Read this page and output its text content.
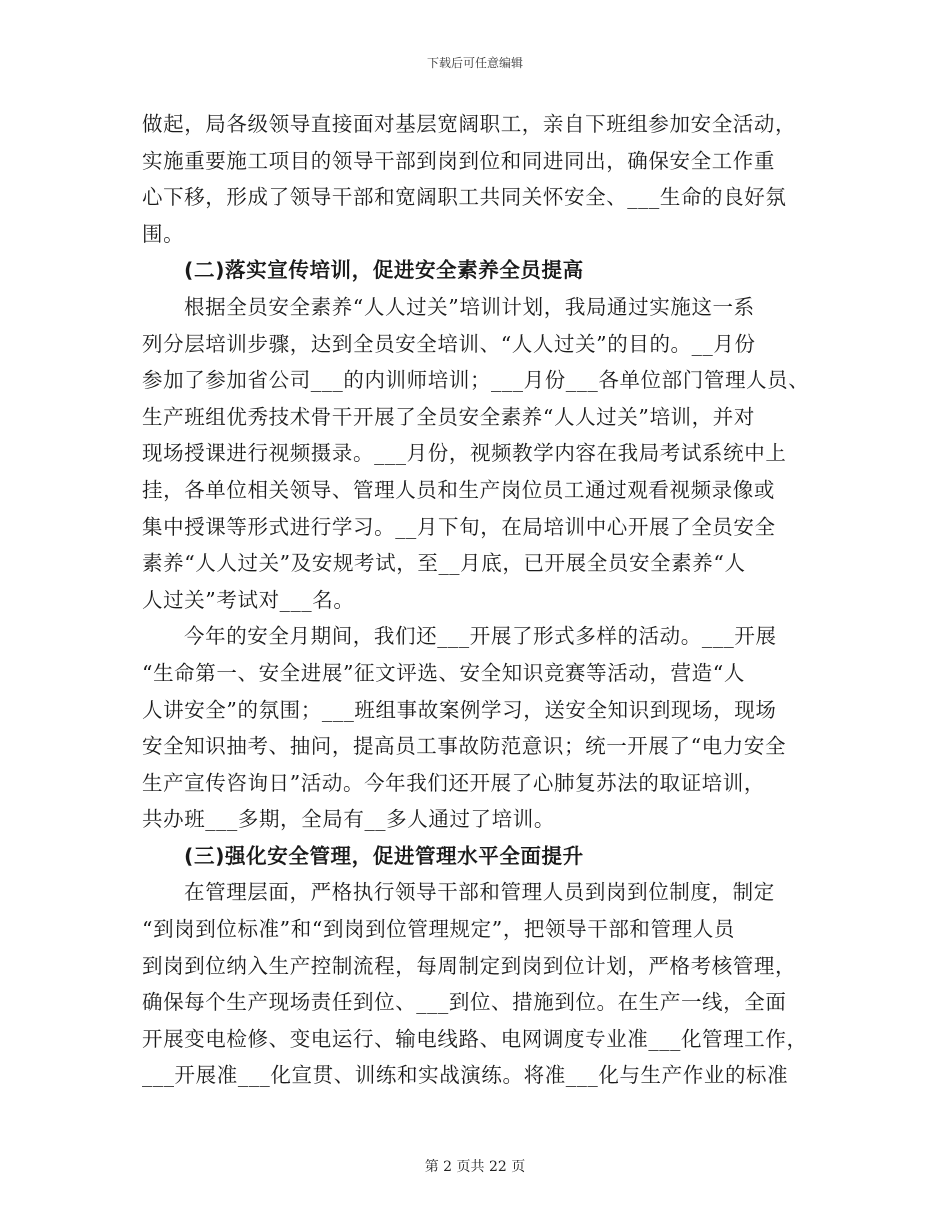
下载后可任意编辑
做起，局各级领导直接面对基层宽阔职工，亲自下班组参加安全活动，
实施重要施工项目的领导干部到岗到位和同进同出，确保安全工作重
心下移，形成了领导干部和宽阔职工共同关怀安全、___生命的良好氛
围。
(二)落实宣传培训，促进安全素养全员提高
根据全员安全素养“人人过关”培训计划，我局通过实施这一系
列分层培训步骤，达到全员安全培训、“人人过关”的目的。__月份
参加了参加省公司___的内训师培训；___月份___各单位部门管理人员、
生产班组优秀技术骨干开展了全员安全素养“人人过关”培训，并对
现场授课进行视频摄录。___月份，视频教学内容在我局考试系统中上
挂，各单位相关领导、管理人员和生产岗位员工通过观看视频录像或
集中授课等形式进行学习。__月下旬，在局培训中心开展了全员安全
素养“人人过关”及安规考试，至__月底，已开展全员安全素养“人
人过关”考试对___名。
今年的安全月期间，我们还___开展了形式多样的活动。___开展
“生命第一、安全进展”征文评选、安全知识竞赛等活动，营造“人
人讲安全”的氛围；___班组事故案例学习，送安全知识到现场，现场
安全知识抽考、抽问，提高员工事故防范意识；统一开展了“电力安全
生产宣传咨询日”活动。今年我们还开展了心肺复苏法的取证培训，
共办班___多期，全局有__多人通过了培训。
(三)强化安全管理，促进管理水平全面提升
在管理层面，严格执行领导干部和管理人员到岗到位制度，制定
“到岗到位标准”和“到岗到位管理规定”，把领导干部和管理人员
到岗到位纳入生产控制流程，每周制定到岗到位计划，严格考核管理，
确保每个生产现场责任到位、___到位、措施到位。在生产一线，全面
开展变电检修、变电运行、输电线路、电网调度专业准___化管理工作，
___开展准___化宣贯、训练和实战演练。将准___化与生产作业的标准
第 2 页共 22 页
